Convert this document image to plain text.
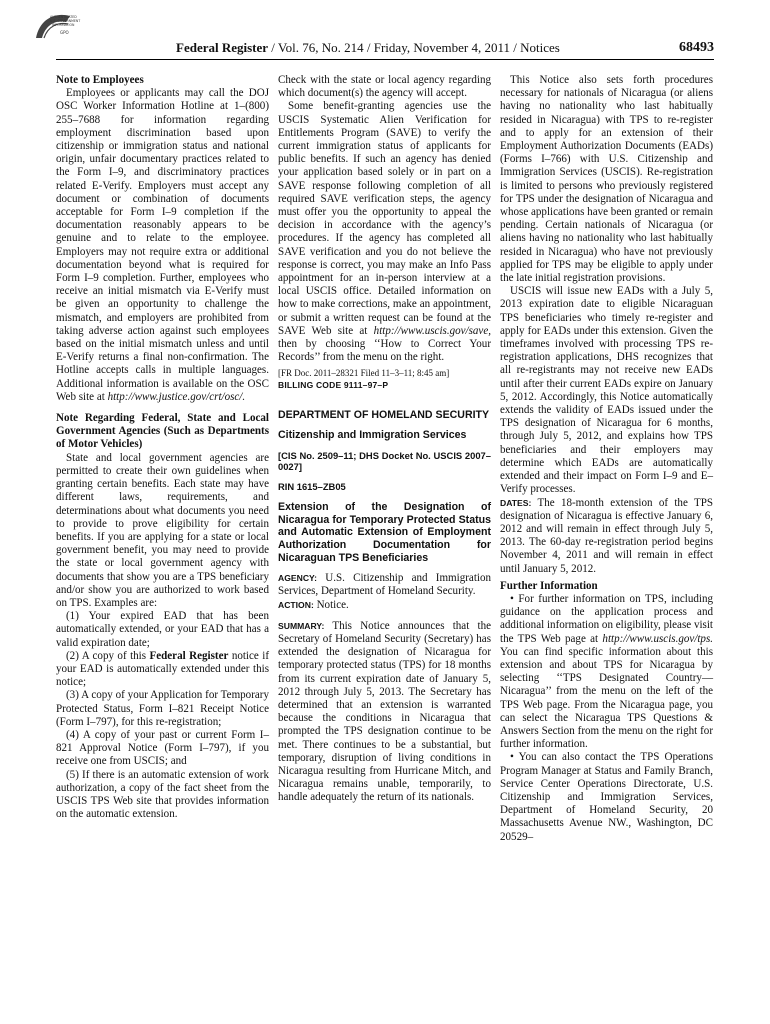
AUTHENTICATED
U.S. GOVERNMENT
INFORMATION
GPO
Federal Register / Vol. 76, No. 214 / Friday, November 4, 2011 / Notices	68493

Note to Employees

Employees or applicants may call the DOJ OSC Worker Information Hotline at 1–(800) 255–7688 for information regarding employment discrimination based upon citizenship or immigration status and national origin, unfair documentary practices related to the Form I–9, and discriminatory practices related E-Verify. Employers must accept any document or combination of documents acceptable for Form I–9 completion if the documentation reasonably appears to be genuine and to relate to the employee. Employers may not require extra or additional documentation beyond what is required for Form I–9 completion. Further, employees who receive an initial mismatch via E-Verify must be given an opportunity to challenge the mismatch, and employers are prohibited from taking adverse action against such employees based on the initial mismatch unless and until E-Verify returns a final non-confirmation. The Hotline accepts calls in multiple languages. Additional information is available on the OSC Web site at http://www.justice.gov/crt/osc/.

Note Regarding Federal, State and Local Government Agencies (Such as Departments of Motor Vehicles)

State and local government agencies are permitted to create their own guidelines when granting certain benefits. Each state may have different laws, requirements, and determinations about what documents you need to provide to prove eligibility for certain benefits. If you are applying for a state or local government benefit, you may need to provide the state or local government agency with documents that show you are a TPS beneficiary and/or show you are authorized to work based on TPS. Examples are:

(1) Your expired EAD that has been automatically extended, or your EAD that has a valid expiration date;

(2) A copy of this Federal Register notice if your EAD is automatically extended under this notice;

(3) A copy of your Application for Temporary Protected Status, Form I–821 Receipt Notice (Form I–797), for this re-registration;

(4) A copy of your past or current Form I–821 Approval Notice (Form I–797), if you receive one from USCIS; and

(5) If there is an automatic extension of work authorization, a copy of the fact sheet from the USCIS TPS Web site that provides information on the automatic extension.

Check with the state or local agency regarding which document(s) the agency will accept.

Some benefit-granting agencies use the USCIS Systematic Alien Verification for Entitlements Program (SAVE) to verify the current immigration status of applicants for public benefits. If such an agency has denied your application based solely or in part on a SAVE response following completion of all required SAVE verification steps, the agency must offer you the opportunity to appeal the decision in accordance with the agency’s procedures. If the agency has completed all SAVE verification and you do not believe the response is correct, you may make an Info Pass appointment for an in-person interview at a local USCIS office. Detailed information on how to make corrections, make an appointment, or submit a written request can be found at the SAVE Web site at http://www.uscis.gov/save, then by choosing ‘‘How to Correct Your Records’’ from the menu on the right.

[FR Doc. 2011–28321 Filed 11–3–11; 8:45 am]

BILLING CODE 9111–97–P

DEPARTMENT OF HOMELAND SECURITY

Citizenship and Immigration Services

[CIS No. 2509–11; DHS Docket No. USCIS 2007–0027]

RIN 1615–ZB05

Extension of the Designation of Nicaragua for Temporary Protected Status and Automatic Extension of Employment Authorization Documentation for Nicaraguan TPS Beneficiaries

AGENCY: U.S. Citizenship and Immigration Services, Department of Homeland Security.

ACTION: Notice.

SUMMARY: This Notice announces that the Secretary of Homeland Security (Secretary) has extended the designation of Nicaragua for temporary protected status (TPS) for 18 months from its current expiration date of January 5, 2012 through July 5, 2013. The Secretary has determined that an extension is warranted because the conditions in Nicaragua that prompted the TPS designation continue to be met. There continues to be a substantial, but temporary, disruption of living conditions in Nicaragua resulting from Hurricane Mitch, and Nicaragua remains unable, temporarily, to handle adequately the return of its nationals.

This Notice also sets forth procedures necessary for nationals of Nicaragua (or aliens having no nationality who last habitually resided in Nicaragua) with TPS to re-register and to apply for an extension of their Employment Authorization Documents (EADs) (Forms I–766) with U.S. Citizenship and Immigration Services (USCIS). Re-registration is limited to persons who previously registered for TPS under the designation of Nicaragua and whose applications have been granted or remain pending. Certain nationals of Nicaragua (or aliens having no nationality who last habitually resided in Nicaragua) who have not previously applied for TPS may be eligible to apply under the late initial registration provisions.

USCIS will issue new EADs with a July 5, 2013 expiration date to eligible Nicaraguan TPS beneficiaries who timely re-register and apply for EADs under this extension. Given the timeframes involved with processing TPS re-registration applications, DHS recognizes that all re-registrants may not receive new EADs until after their current EADs expire on January 5, 2012. Accordingly, this Notice automatically extends the validity of EADs issued under the TPS designation of Nicaragua for 6 months, through July 5, 2012, and explains how TPS beneficiaries and their employers may determine which EADs are automatically extended and their impact on Form I–9 and E–Verify processes.

DATES: The 18-month extension of the TPS designation of Nicaragua is effective January 6, 2012 and will remain in effect through July 5, 2013. The 60-day re-registration period begins November 4, 2011 and will remain in effect until January 5, 2012.

Further Information

• For further information on TPS, including guidance on the application process and additional information on eligibility, please visit the TPS Web page at http://www.uscis.gov/tps. You can find specific information about this extension and about TPS for Nicaragua by selecting ‘‘TPS Designated Country—Nicaragua’’ from the menu on the left of the TPS Web page. From the Nicaragua page, you can select the Nicaragua TPS Questions & Answers Section from the menu on the right for further information.

• You can also contact the TPS Operations Program Manager at Status and Family Branch, Service Center Operations Directorate, U.S. Citizenship and Immigration Services, Department of Homeland Security, 20 Massachusetts Avenue NW., Washington, DC 20529–
